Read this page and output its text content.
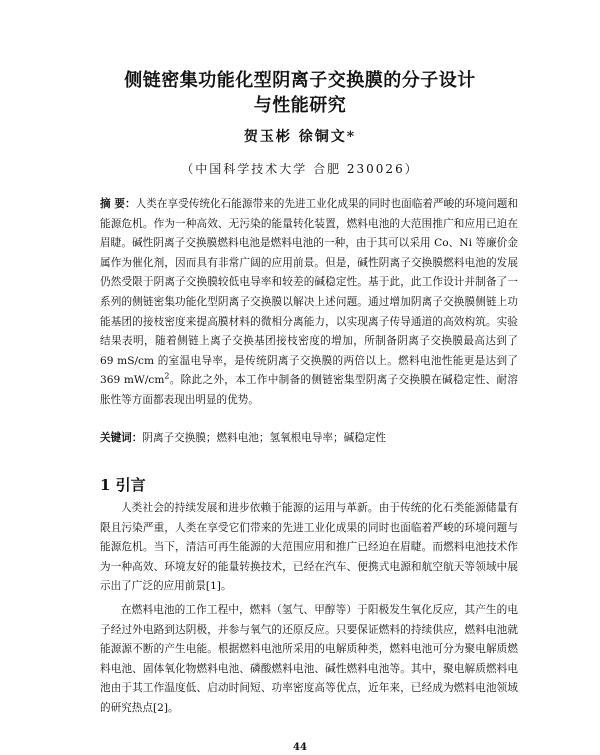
侧链密集功能化型阴离子交换膜的分子设计
与性能研究
贺玉彬 徐铜文*
（中国科学技术大学 合肥 230026）
摘 要：人类在享受传统化石能源带来的先进工业化成果的同时也面临着严峻的环境问题和能源危机。作为一种高效、无污染的能量转化装置，燃料电池的大范围推广和应用已迫在眉睫。碱性阴离子交换膜燃料电池是燃料电池的一种，由于其可以采用 Co、Ni 等廉价金属作为催化剂，因而具有非常广阔的应用前景。但是，碱性阴离子交换膜燃料电池的发展仍然受限于阴离子交换膜较低电导率和较差的碱稳定性。基于此，此工作设计并制备了一系列的侧链密集功能化型阴离子交换膜以解决上述问题。通过增加阴离子交换膜侧链上功能基团的接枝密度来提高膜材料的微相分离能力，以实现离子传导通道的高效构筑。实验结果表明，随着侧链上离子交换基团接枝密度的增加，所制备阴离子交换膜最高达到了 69 mS/cm 的室温电导率，是传统阴离子交换膜的两倍以上。燃料电池性能更是达到了 369 $mW/cm^2$。除此之外，本工作中制备的侧链密集型阴离子交换膜在碱稳定性、耐溶胀性等方面都表现出明显的优势。
关键词：阴离子交换膜；燃料电池；氢氧根电导率；碱稳定性
1 引言
人类社会的持续发展和进步依赖于能源的运用与革新。由于传统的化石类能源储量有限且污染严重，人类在享受它们带来的先进工业化成果的同时也面临着严峻的环境问题与能源危机。当下，清洁可再生能源的大范围应用和推广已经迫在眉睫。而燃料电池技术作为一种高效、环境友好的能量转换技术，已经在汽车、便携式电源和航空航天等领域中展示出了广泛的应用前景[1]。
在燃料电池的工作工程中，燃料（氢气、甲醇等）于阳极发生氧化反应，其产生的电子经过外电路到达阴极，并参与氧气的还原反应。只要保证燃料的持续供应，燃料电池就能源源不断的产生电能。根据燃料电池所采用的电解质种类，燃料电池可分为聚电解质燃料电池、固体氧化物燃料电池、磷酸燃料电池、碱性燃料电池等。其中，聚电解质燃料电池由于其工作温度低、启动时间短、功率密度高等优点，近年来，已经成为燃料电池领域的研究热点[2]。
44
